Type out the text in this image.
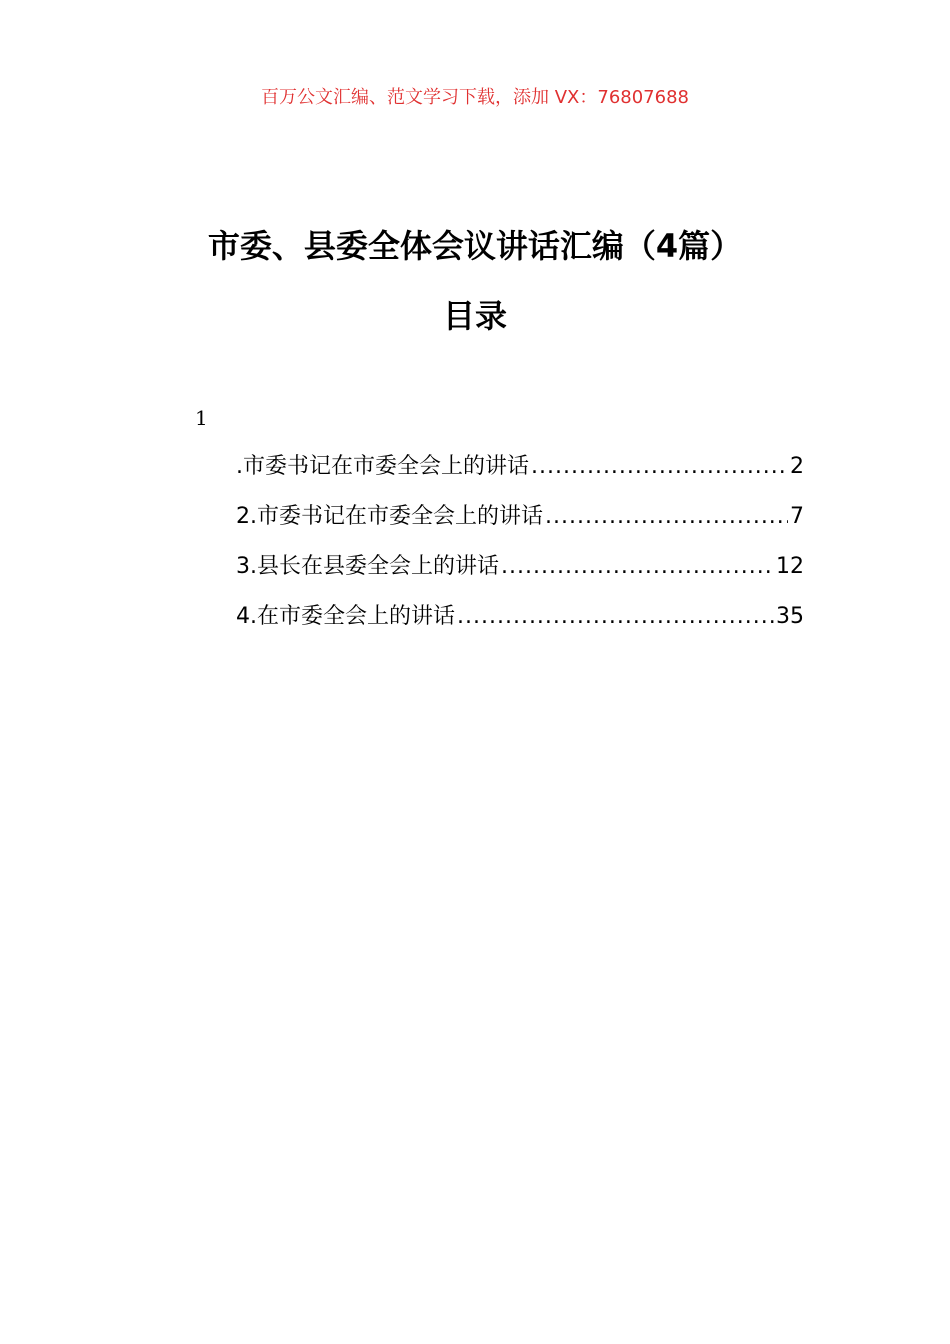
百万公文汇编、范文学习下载，添加 VX：76807688
市委、县委全体会议讲话汇编（4篇）
目录
1
.市委书记在市委全会上的讲话 .....	2
2.市委书记在市委全会上的讲话 .....	7
3.县长在县委全会上的讲话 .....	12
4.在市委全会上的讲话 .....	35
